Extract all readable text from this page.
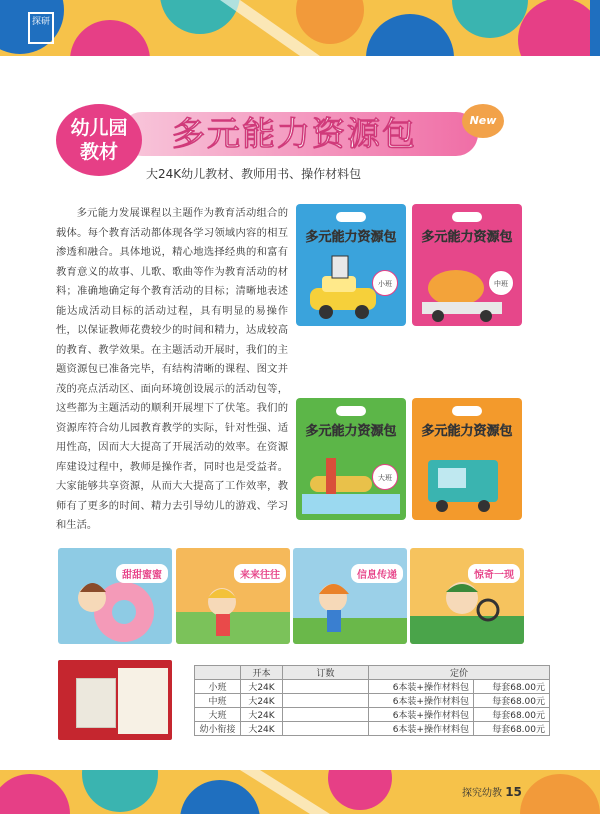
探研
幼儿园
教材	多元能力资源包	New
大24K幼儿教材、教师用书、操作材料包

多元能力发展课程以主题作为教育活动组合的载体。每个教育活动都体现各学习领域内容的相互渗透和融合。具体地说，精心地选择经典的和富有教育意义的故事、儿歌、歌曲等作为教育活动的材料；准确地确定每个教育活动的目标；清晰地表述能达成活动目标的活动过程，具有明显的易操作性，以保证教师花费较少的时间和精力，达成较高的教育、教学效果。在主题活动开展时，我们的主题资源包已准备完毕，有结构清晰的课程、图文并茂的亮点活动区、面向环境创设展示的活动包等，这些都为主题活动的顺利开展埋下了伏笔。我们的资源库符合幼儿园教育教学的实际，针对性强、适用性高，因而大大提高了开展活动的效率。在资源库建设过程中，教师是操作者，同时也是受益者。大家能够共享资源，从而大大提高了工作效率，教师有了更多的时间、精力去引导幼儿的游戏、学习和生活。

多元能力资源包
小班
多元能力资源包
中班
多元能力资源包
大班
多元能力资源包
甜甜蜜蜜	来来往往	信息传递	惊奇一现
	开本	订数	定价	
小班	大24K		6本装+操作材料包	每套68.00元
中班	大24K		6本装+操作材料包	每套68.00元
大班	大24K		6本装+操作材料包	每套68.00元
幼小衔接	大24K		6本装+操作材料包	每套68.00元
探究幼教 15
